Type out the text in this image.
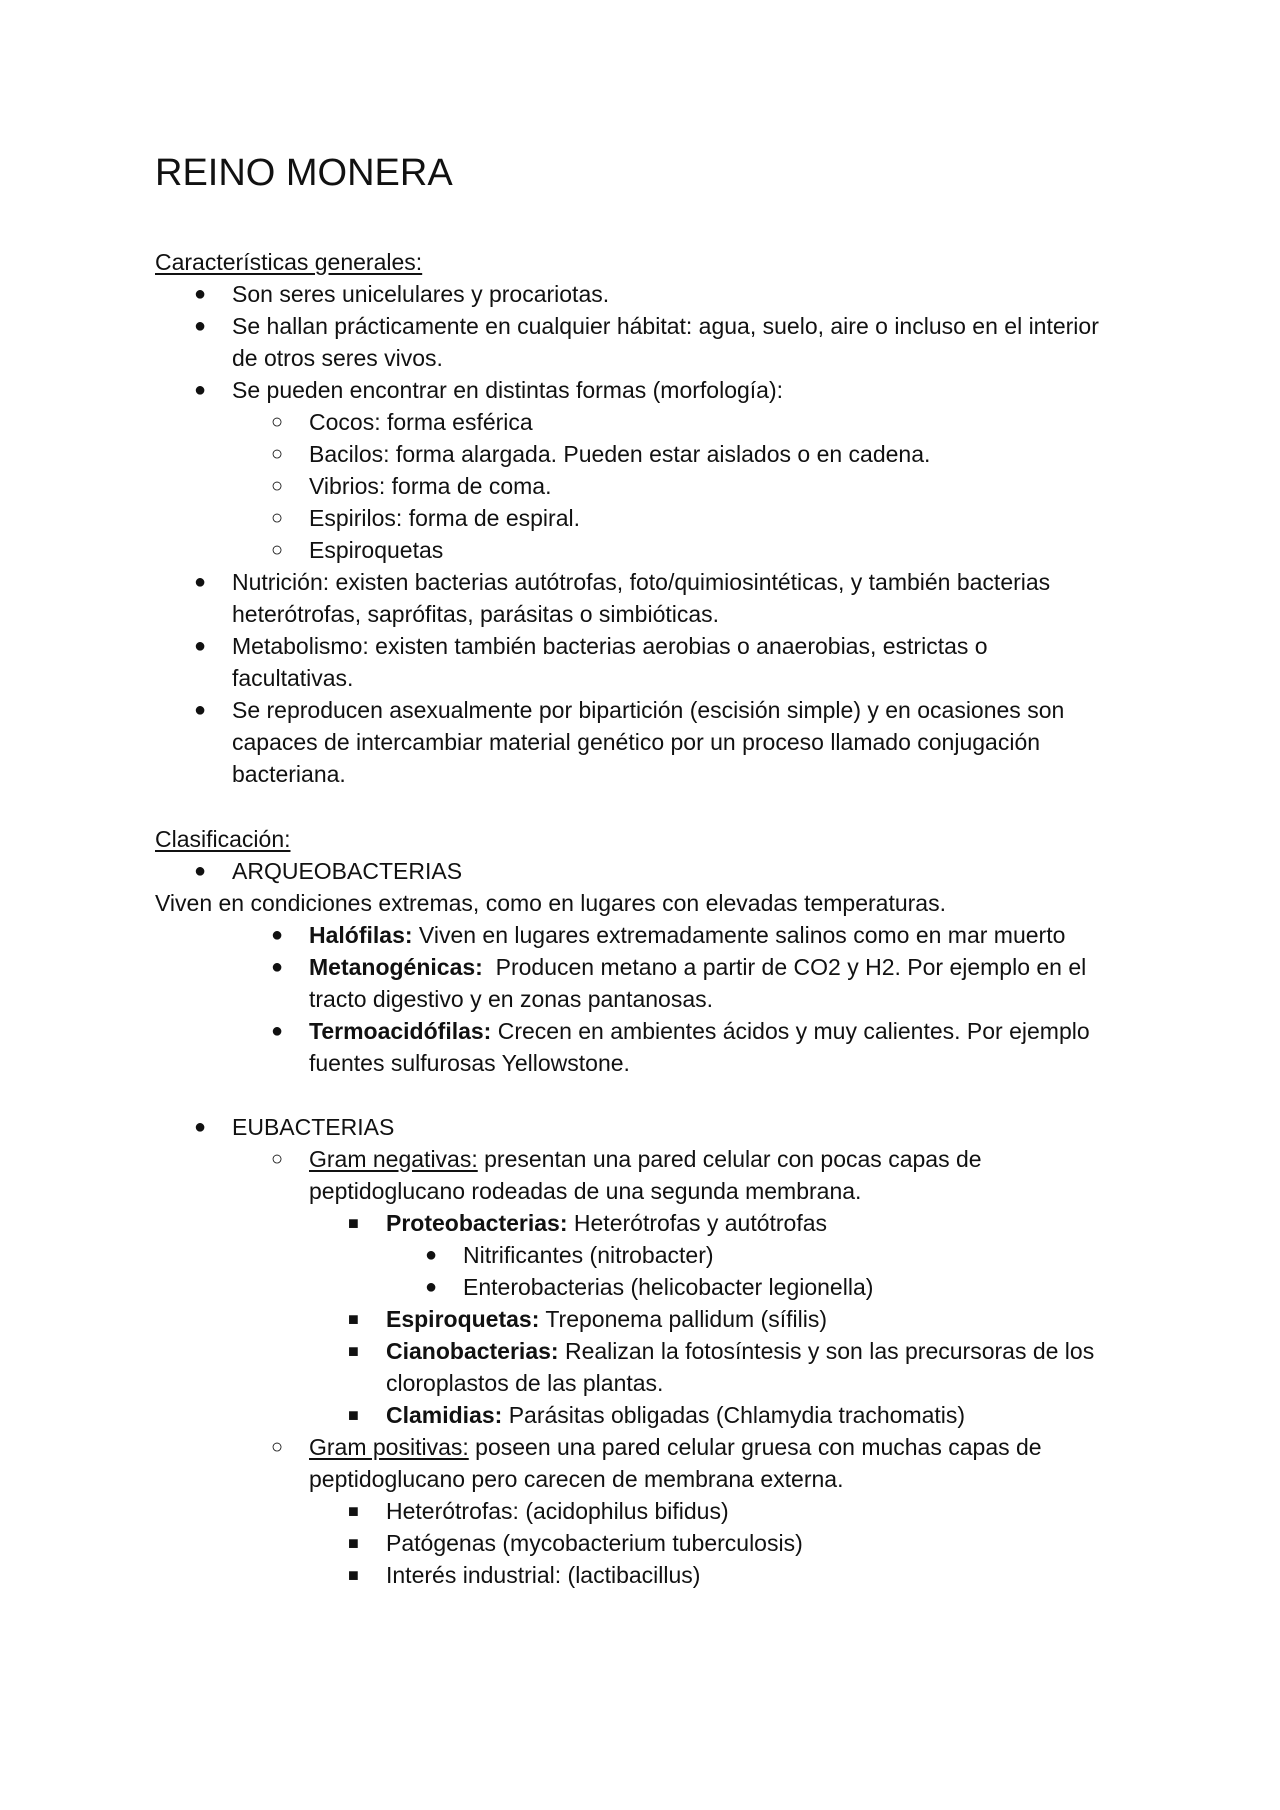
REINO MONERA
Características generales:
● Son seres unicelulares y procariotas.
● Se hallan prácticamente en cualquier hábitat: agua, suelo, aire o incluso en el interior
de otros seres vivos.
● Se pueden encontrar en distintas formas (morfología):
○ Cocos: forma esférica
○ Bacilos: forma alargada. Pueden estar aislados o en cadena.
○ Vibrios: forma de coma.
○ Espirilos: forma de espiral.
○ Espiroquetas
● Nutrición: existen bacterias autótrofas, foto/quimiosintéticas, y también bacterias
heterótrofas, saprófitas, parásitas o simbióticas.
● Metabolismo: existen también bacterias aerobias o anaerobias, estrictas o
facultativas.
● Se reproducen asexualmente por bipartición (escisión simple) y en ocasiones son
capaces de intercambiar material genético por un proceso llamado conjugación
bacteriana.
Clasificación:
● ARQUEOBACTERIAS
Viven en condiciones extremas, como en lugares con elevadas temperaturas.
● Halófilas: Viven en lugares extremadamente salinos como en mar muerto
● Metanogénicas:  Producen metano a partir de CO2 y H2. Por ejemplo en el
tracto digestivo y en zonas pantanosas.
● Termoacidófilas: Crecen en ambientes ácidos y muy calientes. Por ejemplo
fuentes sulfurosas Yellowstone.
● EUBACTERIAS
○ Gram negativas: presentan una pared celular con pocas capas de
peptidoglucano rodeadas de una segunda membrana.
■ Proteobacterias: Heterótrofas y autótrofas
● Nitrificantes (nitrobacter)
● Enterobacterias (helicobacter legionella)
■ Espiroquetas: Treponema pallidum (sífilis)
■ Cianobacterias: Realizan la fotosíntesis y son las precursoras de los
cloroplastos de las plantas.
■ Clamidias: Parásitas obligadas (Chlamydia trachomatis)
○ Gram positivas: poseen una pared celular gruesa con muchas capas de
peptidoglucano pero carecen de membrana externa.
■ Heterótrofas: (acidophilus bifidus)
■ Patógenas (mycobacterium tuberculosis)
■ Interés industrial: (lactibacillus)
